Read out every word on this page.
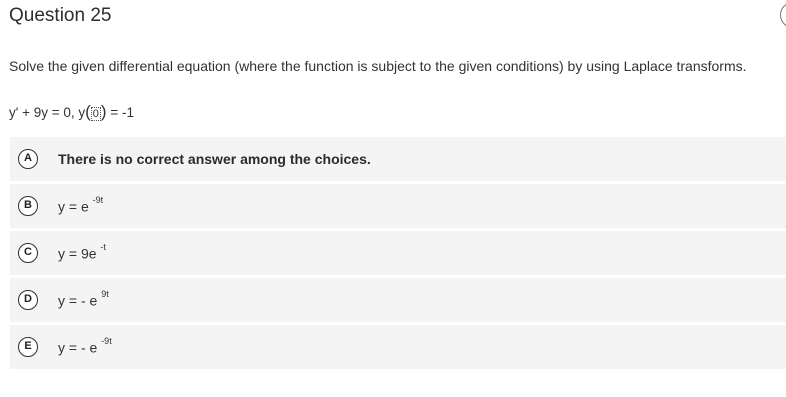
Question 25
Solve the given differential equation (where the function is subject to the given conditions) by using Laplace transforms.
y' + 9y = 0, y( 0 ) = -1
A	There is no correct answer among the choices.
B	y = e $^{-9t}$
C	y = 9e $^{-t}$
D	y = - e $^{9t}$
E	y = - e $^{-9t}$
